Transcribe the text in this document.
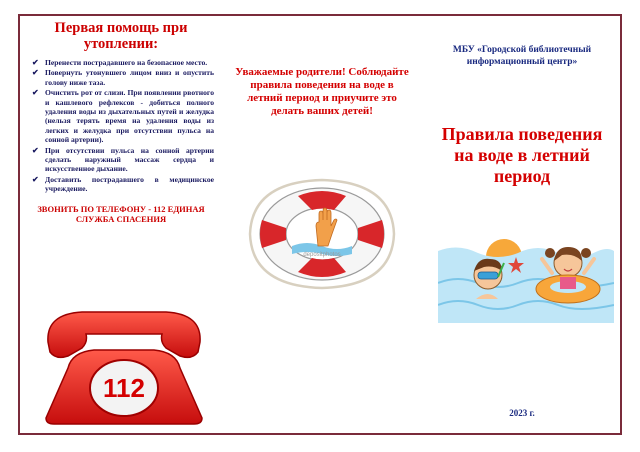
Первая помощь при утоплении:
✔ Перенести пострадавшего на безопасное место.
✔ Повернуть утонувшего лицом вниз и опустить голову ниже таза.
✔ Очистить рот от слизи. При появлении рвотного и кашлевого рефлексов - добиться полного удаления воды из дыхательных путей и желудка (нельзя терять время на удаления воды из легких и желудка при отсутствии пульса на сонной артерии).
✔ При отсутствии пульса на сонной артерии сделать наружный массаж сердца и искусственное дыхание.
✔ Доставить пострадавшего в медицинское учреждение.
ЗВОНИТЬ ПО ТЕЛЕФОНУ - 112 ЕДИНАЯ СЛУЖБА СПАСЕНИЯ
112
Уважаемые родители! Соблюдайте правила поведения на воде в летний период и приучите это делать ваших детей!
depositphotos
МБУ «Городской библиотечный информационный центр»
Правила поведения на воде в летний период
2023 г.
